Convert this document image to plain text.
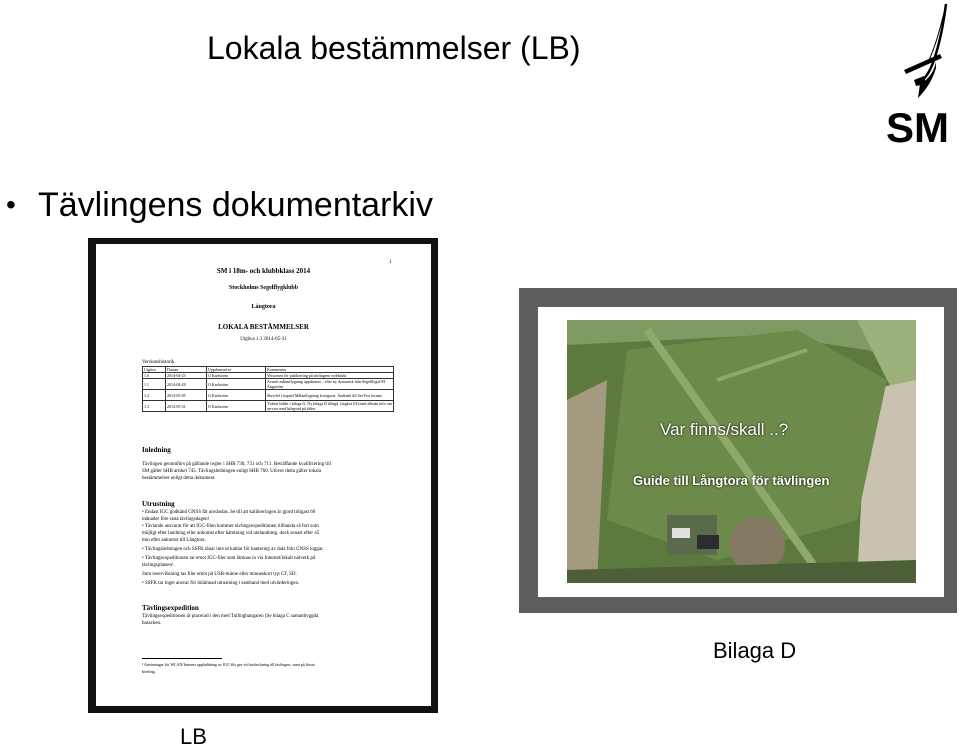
Lokala bestämmelser (LB)
• Tävlingens dokumentarkiv
SM
1
SM i 18m- och klubbklass 2014
Stockholms Segelflygklubb
Långtora
LOKALA BESTÄMMELSER
Utgåva 1.3 2014-05-31
Versionshistorik
Utgåva	Datum	Uppdaterad av	Kommentar
1.0	2014-04-23	O Karlström	Versionen för publicering på tävlingens webbsida
1.1	2014-04-28	O Karlström	Avsnitt målanflygning uppdaterat – efter ny dynamisk från Segelflygsf/M Ängström
1.2	2014-05-05	O Karlström	Skrivfel i kapitel Målanflygning korrigerat. Ändrade till SecYou format.
1.3	2014-05-31	O Karlström	Tvättat bilder i bilaga G. Ny bilaga D tillagd. (utgåva 03) med allmän info om service med bilagvad på fältet.
Inledning
Tävlingen genomförs på gällande regler i SHB 730, 731 och 711. Beträffande kvalificering till
SM gäller SHB artikel 745. Tävlingsledningen enligt SHB 760. Utöver detta gäller lokala
bestämmelser enligt detta dokument.
Utrustning
• Endast IGC godkänd GNSS får användas. Se till att kalibreringen är gjord tidigast 60
månader före sista tävlingsdagen!
• Tävlande ansvarar för att IGC-filen kommer tävlingsexpeditionen tillhanda så fort som
möjligt efter landning eller ankomst efter hämtning vid utelandning, dock senast efter 45
min efter ankomst till Långtora.
• Tävlingsledningen och SSFK tänar inte ut kablar för hantering av data från GNSS loggar.
• Tävlingsexpeditionen tar emot IGC-filer som lämnas in via Internet/lokalt nätverk på
tävlingsplatsen¹.
Som reservlösning tas filer emot på USB-minne eller minneskort typ CF, SD.
• SSFK tar inget ansvar för inlämnad utrustning i samband med utvärderingen.
Tävlingsexpedition
Tävlingsexpeditionen är placerad i den med Tullinghangaren (Se bilaga C samanbyggda
baracken.
¹ Anvisningar för WLAN/Internet uppladdning av IGC-fils ges vid incheckning till tävlingen, samt på första
briefing.
LB
Var finns/skall ..?
Guide till Långtora för tävlingen
Bilaga D
